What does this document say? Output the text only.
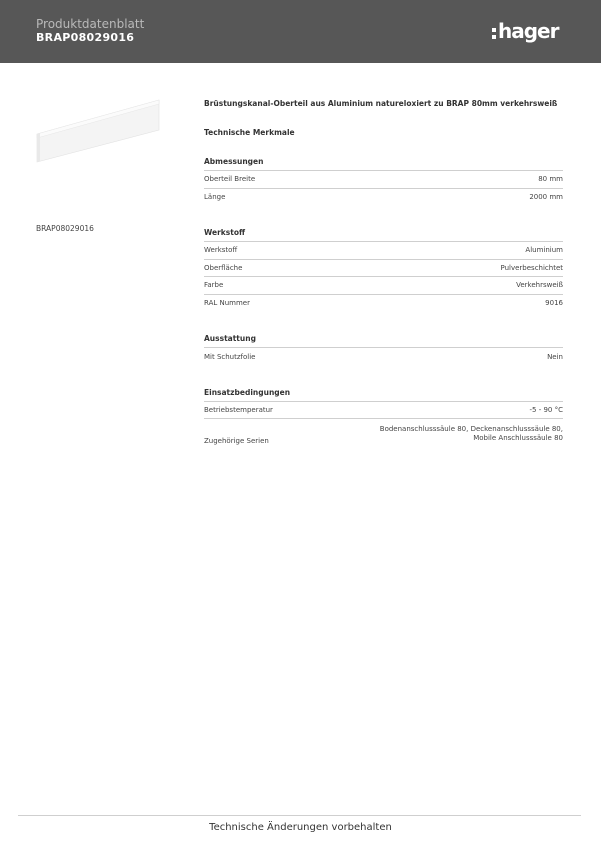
Produktdatenblatt
BRAP08029016	hager
BRAP08029016
Brüstungskanal-Oberteil aus Aluminium natureloxiert zu BRAP 80mm verkehrsweiß
Technische Merkmale
Abmessungen
Oberteil Breite	80 mm
Länge	2000 mm
Werkstoff
Werkstoff	Aluminium
Oberfläche	Pulverbeschichtet
Farbe	Verkehrsweiß
RAL Nummer	9016
Ausstattung
Mit Schutzfolie	Nein
Einsatzbedingungen
Betriebstemperatur	-5 - 90 °C
Zugehörige Serien
Bodenanschlusssäule 80, Deckenanschlusssäule 80,
Mobile Anschlusssäule 80
Technische Änderungen vorbehalten
